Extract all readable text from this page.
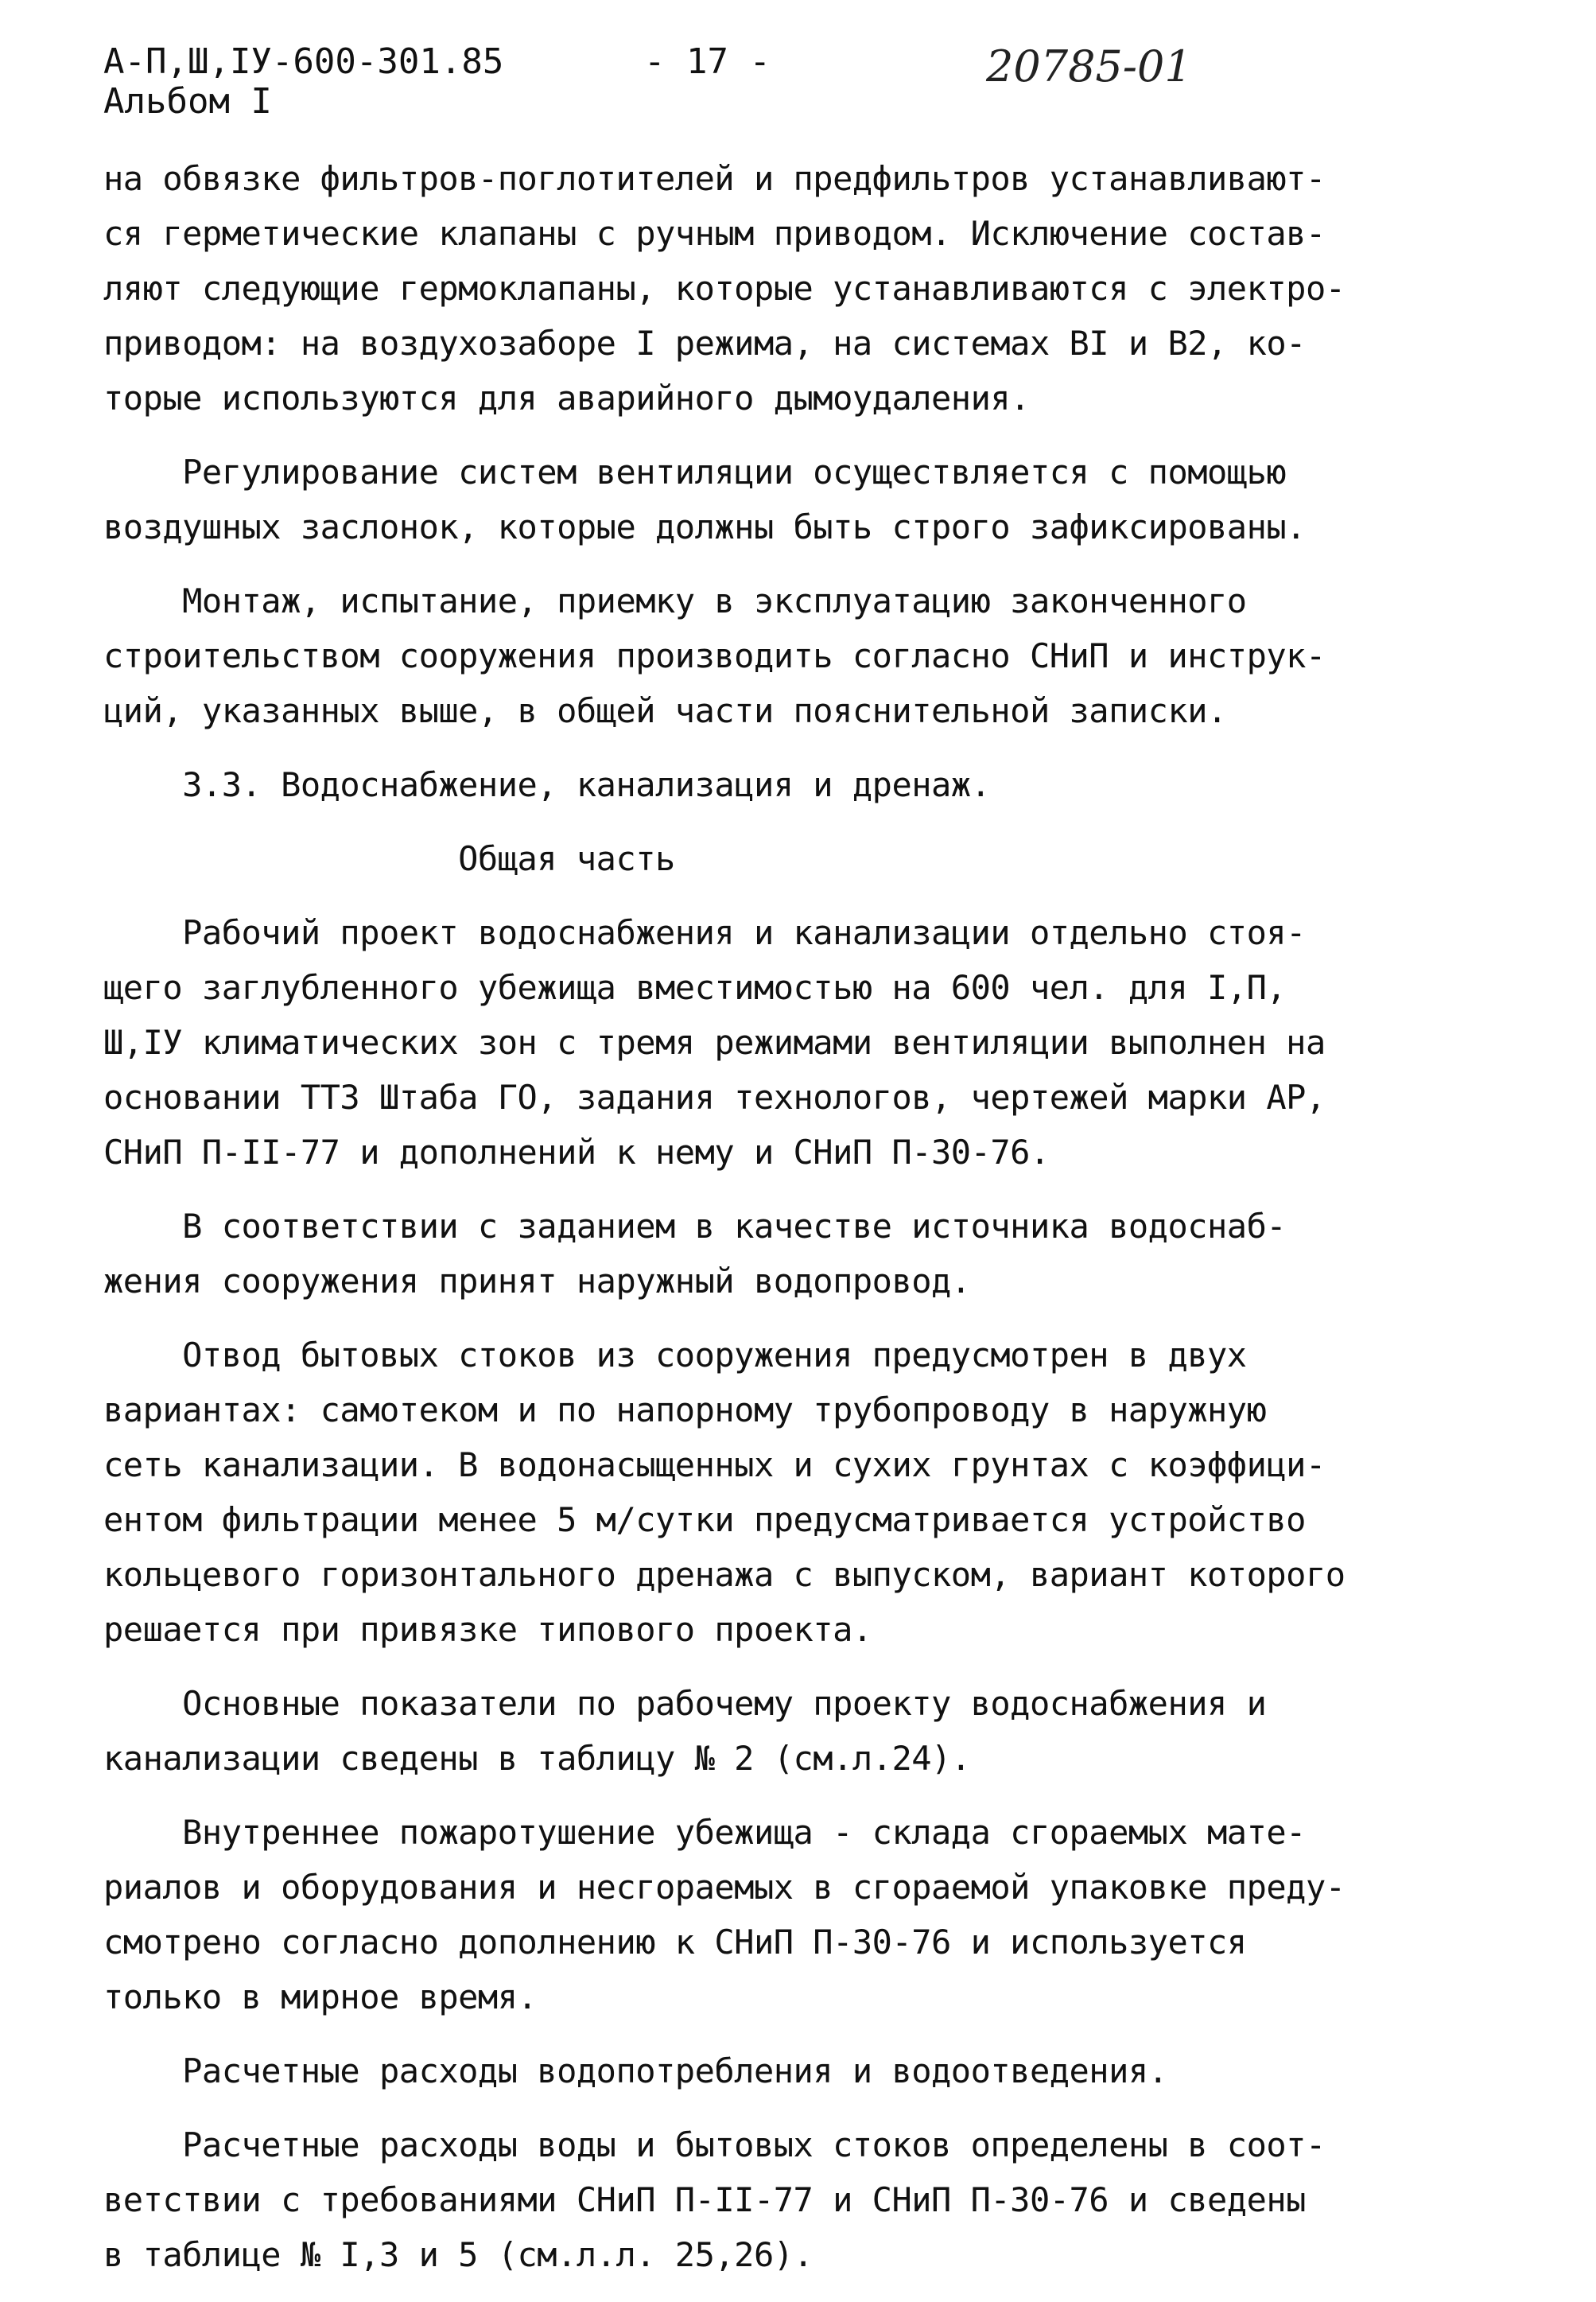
А-П,Ш,IУ-600-301.85
Альбом I
- 17 -	20785-01
на обвязке фильтров-поглотителей и предфильтров устанавливают-
ся герметические клапаны с ручным приводом. Исключение состав-
ляют следующие гермоклапаны, которые устанавливаются с электро-
приводом: на воздухозаборе I режима, на системах BI и B2, ко-
торые используются для аварийного дымоудаления.
Регулирование систем вентиляции осуществляется с помощью
воздушных заслонок, которые должны быть строго зафиксированы.
Монтаж, испытание, приемку в эксплуатацию законченного
строительством сооружения производить согласно СНиП и инструк-
ций, указанных выше, в общей части пояснительной записки.
3.3. Водоснабжение, канализация и дренаж.
Общая часть
Рабочий проект водоснабжения и канализации отдельно стоя-
щего заглубленного убежища вместимостью на 600 чел. для I,П,
Ш,IУ климатических зон с тремя режимами вентиляции выполнен на
основании ТТЗ Штаба ГО, задания технологов, чертежей марки АР,
СНиП П-II-77 и дополнений к нему и СНиП П-30-76.
В соответствии с заданием в качестве источника водоснаб-
жения сооружения принят наружный водопровод.
Отвод бытовых стоков из сооружения предусмотрен в двух
вариантах: самотеком и по напорному трубопроводу в наружную
сеть канализации. В водонасыщенных и сухих грунтах с коэффици-
ентом фильтрации менее 5 м/сутки предусматривается устройство
кольцевого горизонтального дренажа с выпуском, вариант которого
решается при привязке типового проекта.
Основные показатели по рабочему проекту водоснабжения и
канализации сведены в таблицу № 2 (см.л.24).
Внутреннее пожаротушение убежища - склада сгораемых мате-
риалов и оборудования и несгораемых в сгораемой упаковке преду-
смотрено согласно дополнению к СНиП П-30-76 и используется
только в мирное время.
Расчетные расходы водопотребления и водоотведения.
Расчетные расходы воды и бытовых стоков определены в соот-
ветствии с требованиями СНиП П-II-77 и СНиП П-30-76 и сведены
в таблице № I,3 и 5 (см.л.л. 25,26).
